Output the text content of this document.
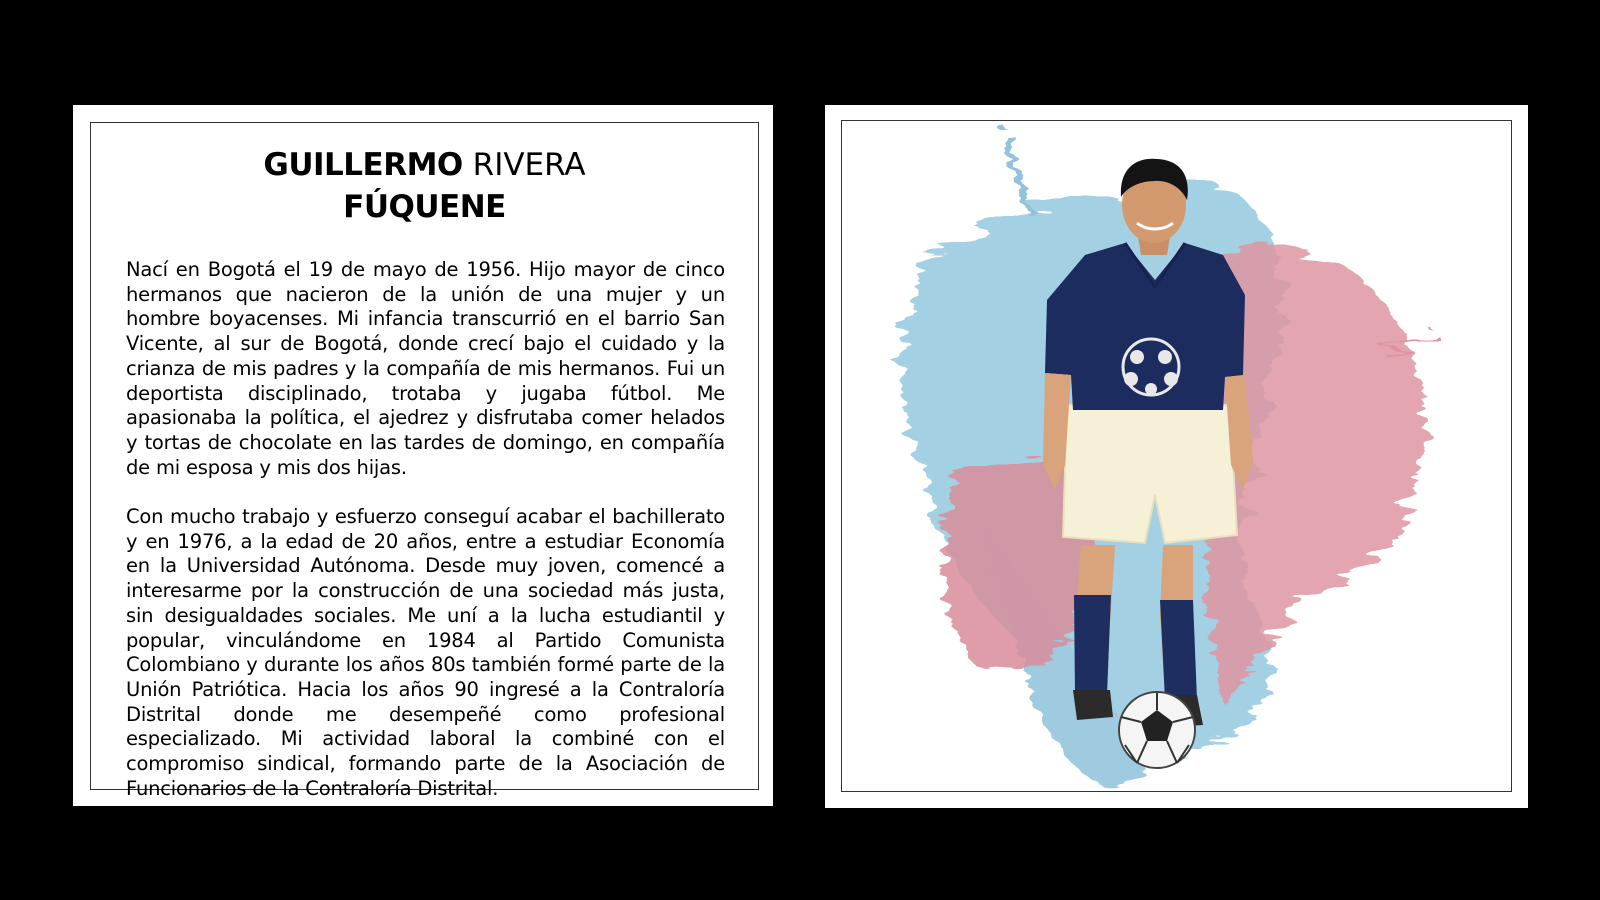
GUILLERMO RIVERA
FÚQUENE

Nací en Bogotá el 19 de mayo de 1956. Hijo mayor de cinco hermanos que nacieron de la unión de una mujer y un hombre boyacenses. Mi infancia transcurrió en el barrio San Vicente, al sur de Bogotá, donde crecí bajo el cuidado y la crianza de mis padres y la compañía de mis hermanos. Fui un deportista disciplinado, trotaba y jugaba fútbol. Me apasionaba la política, el ajedrez y disfrutaba comer helados y tortas de chocolate en las tardes de domingo, en compañía de mi esposa y mis dos hijas.

Con mucho trabajo y esfuerzo conseguí acabar el bachillerato y en 1976, a la edad de 20 años, entre a estudiar Economía en la Universidad Autónoma. Desde muy joven, comencé a interesarme por la construcción de una sociedad más justa, sin desigualdades sociales. Me uní a la lucha estudiantil y popular, vinculándome en 1984 al Partido Comunista Colombiano y durante los años 80s también formé parte de la Unión Patriótica. Hacia los años 90 ingresé a la Contraloría Distrital donde me desempeñé como profesional especializado. Mi actividad laboral la combiné con el compromiso sindical, formando parte de la Asociación de Funcionarios de la Contraloría Distrital.
